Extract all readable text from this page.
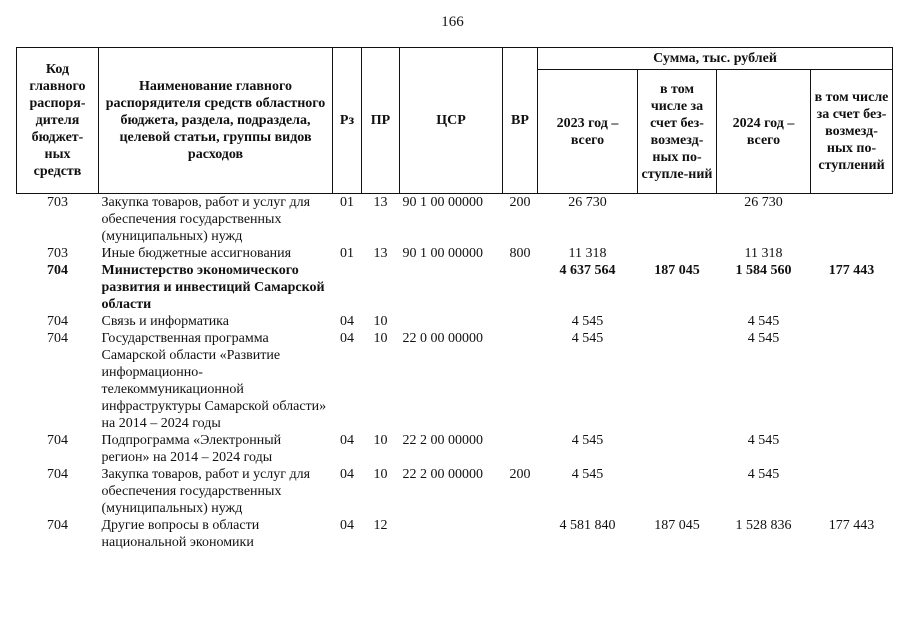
166
Код главного распоря-дителя бюджет-ных средств	Наименование главного распорядителя средств областного бюджета, раздела, подраздела, целевой статьи, группы видов расходов	Рз	ПР	ЦСР	ВР	Сумма, тыс. рублей			
						2023 год – всего	в том числе за счет без-возмезд-ных по-ступле-ний	2024 год – всего	в том числе за счет без-возмезд-ных по-ступлений
703	Закупка товаров, работ и услуг для обеспечения государственных (муниципальных) нужд	01	13	90 1 00 00000	200	26 730		26 730	
703	Иные бюджетные ассигнования	01	13	90 1 00 00000	800	11 318		11 318	
704	Министерство экономического развития и инвестиций Самарской области					4 637 564	187 045	1 584 560	177 443
704	Связь и информатика	04	10			4 545		4 545	
704	Государственная программа Самарской области «Развитие информационно-телекоммуникационной инфраструктуры Самарской области» на 2014 – 2024 годы	04	10	22 0 00 00000		4 545		4 545	
704	Подпрограмма «Электронный регион» на 2014 – 2024 годы	04	10	22 2 00 00000		4 545		4 545	
704	Закупка товаров, работ и услуг для обеспечения государственных (муниципальных) нужд	04	10	22 2 00 00000	200	4 545		4 545	
704	Другие вопросы в области национальной экономики	04	12			4 581 840	187 045	1 528 836	177 443
